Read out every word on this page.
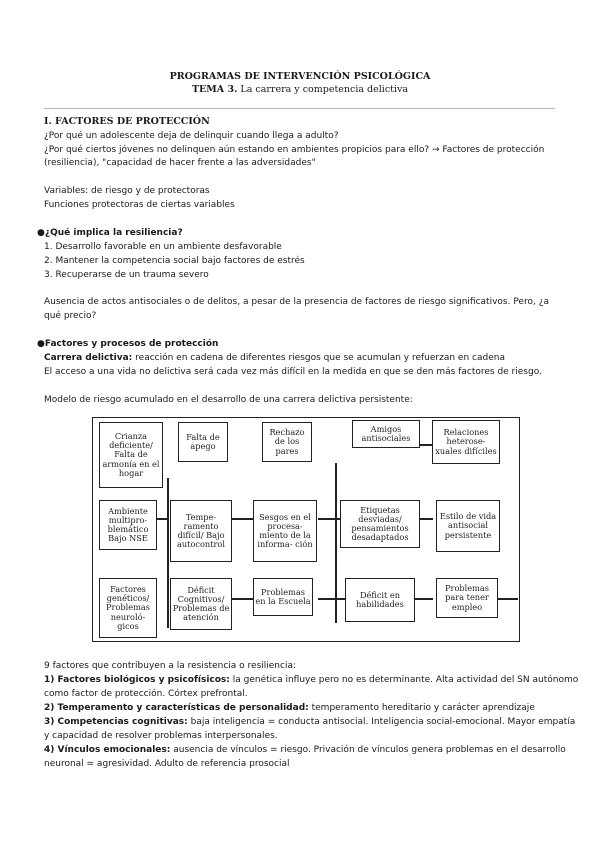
PROGRAMAS DE INTERVENCIÓN PSICOLÓGICA
TEMA 3. La carrera y competencia delictiva
I. FACTORES DE PROTECCIÓN
¿Por qué un adolescente deja de delinquir cuando llega a adulto?
¿Por qué ciertos jóvenes no delinquen aún estando en ambientes propicios para ello? → Factores de protección
(resiliencia), "capacidad de hacer frente a las adversidades"
Variables: de riesgo y de protectoras
Funciones protectoras de ciertas variables
●¿Qué implica la resiliencia?
1. Desarrollo favorable en un ambiente desfavorable
2. Mantener la competencia social bajo factores de estrés
3. Recuperarse de un trauma severo
Ausencia de actos antisociales o de delitos, a pesar de la presencia de factores de riesgo significativos. Pero, ¿a
qué precio?
●Factores y procesos de protección
Carrera delictiva: reacción en cadena de diferentes riesgos que se acumulan y refuerzan en cadena
El acceso a una vida no delictiva será cada vez más difícil en la medida en que se den más factores de riesgo.
Modelo de riesgo acumulado en el desarrollo de una carrera delictiva persistente:
Crianza deficiente/ Falta de armonía en el hogar
Falta de apego
Rechazo de los pares
Amigos antisociales
Relaciones heterose- xuales difíciles
Ambiente multipro- blemático Bajo NSE
Tempe- ramento difícil/ Bajo autocontrol
Sesgos en el procesa- miento de la informa- ción
Etiquetas desviadas/ pensamientos desadaptados
Estilo de vida antisocial persistente
Factores genéticos/ Problemas neuroló- gicos
Déficit Cognitivos/ Problemas de atención
Problemas en la Escuela
Déficit en habilidades
Problemas para tener empleo
9 factores que contribuyen a la resistencia o resiliencia:
1) Factores biológicos y psicofísicos: la genética influye pero no es determinante. Alta actividad del SN autónomo
como factor de protección. Córtex prefrontal.
2) Temperamento y características de personalidad: temperamento hereditario y carácter aprendizaje
3) Competencias cognitivas: baja inteligencia = conducta antisocial. Inteligencia social-emocional. Mayor empatía
y capacidad de resolver problemas interpersonales.
4) Vínculos emocionales: ausencia de vínculos = riesgo. Privación de vínculos genera problemas en el desarrollo
neuronal = agresividad. Adulto de referencia prosocial
